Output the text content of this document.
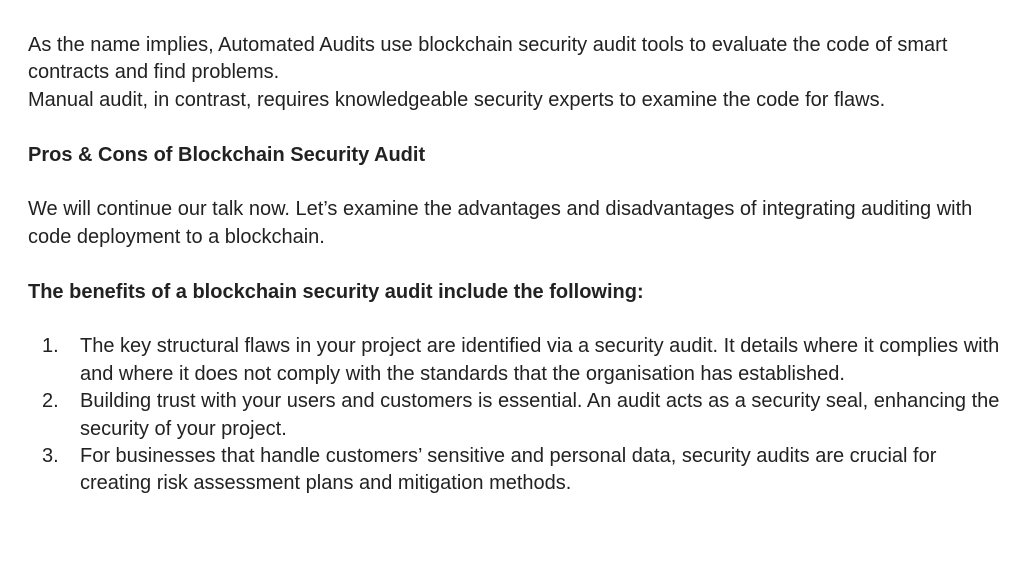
As the name implies, Automated Audits use blockchain security audit tools to evaluate the code of smart contracts and find problems.

Manual audit, in contrast, requires knowledgeable security experts to examine the code for flaws.

Pros & Cons of Blockchain Security Audit

We will continue our talk now. Let’s examine the advantages and disadvantages of integrating auditing with code deployment to a blockchain.

The benefits of a blockchain security audit include the following:

1. The key structural flaws in your project are identified via a security audit. It details where it complies with and where it does not comply with the standards that the organisation has established.
2. Building trust with your users and customers is essential. An audit acts as a security seal, enhancing the security of your project.
3. For businesses that handle customers’ sensitive and personal data, security audits are crucial for creating risk assessment plans and mitigation methods.
